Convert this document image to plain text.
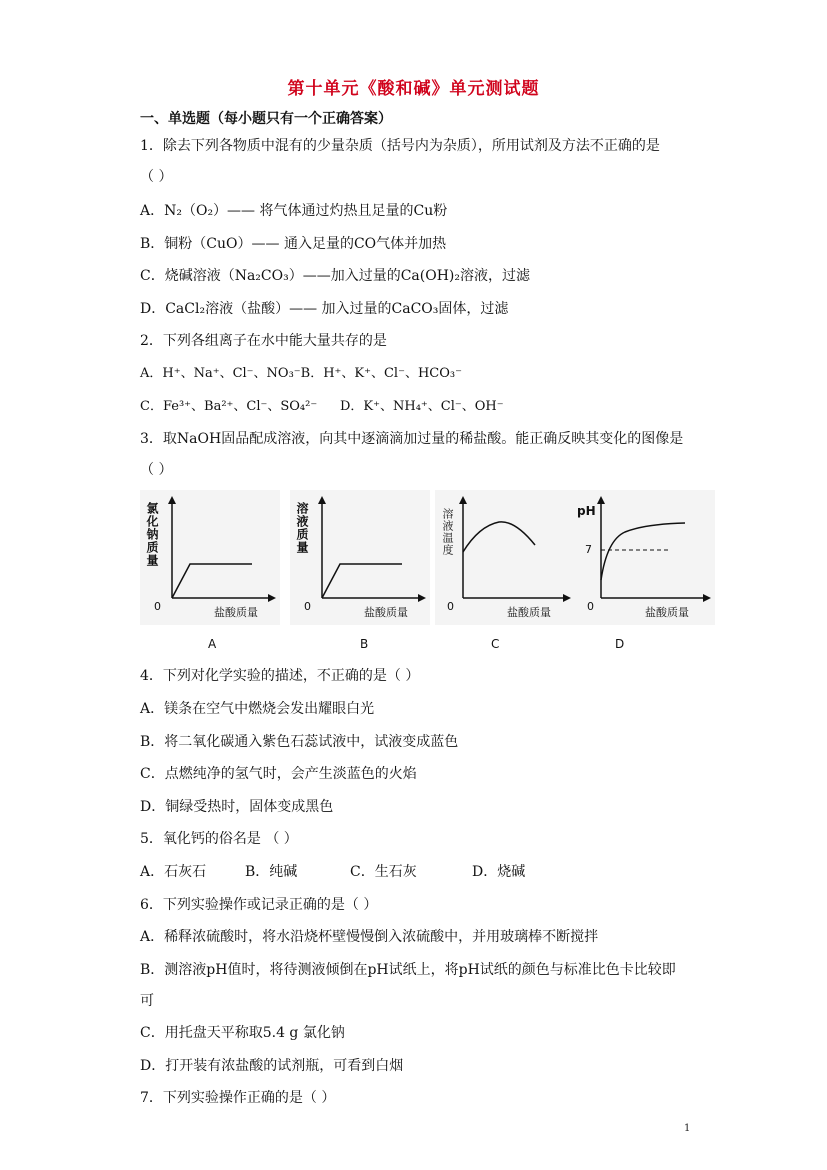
第十单元《酸和碱》单元测试题
一、单选题（每小题只有一个正确答案）
1．除去下列各物质中混有的少量杂质（括号内为杂质），所用试剂及方法不正确的是
（ ）
A．N₂（O₂）—— 将气体通过灼热且足量的Cu粉
B．铜粉（CuO）—— 通入足量的CO气体并加热
C．烧碱溶液（Na₂CO₃）——加入过量的Ca(OH)₂溶液，过滤
D．CaCl₂溶液（盐酸）—— 加入过量的CaCO₃固体，过滤
2．下列各组离子在水中能大量共存的是
A．H⁺、Na⁺、Cl⁻、NO₃⁻B．H⁺、K⁺、Cl⁻、HCO₃⁻
C．Fe³⁺、Ba²⁺、Cl⁻、SO₄²⁻ D．K⁺、NH₄⁺、Cl⁻、OH⁻
3．取NaOH固品配成溶液，向其中逐滴滴加过量的稀盐酸。能正确反映其变化的图像是
（ ）
氯化钠质量
0	盐酸质量
溶液质量
0	盐酸质量
溶液温度
0	盐酸质量
pH
7
0	盐酸质量
A	B	C	D
4．下列对化学实验的描述，不正确的是（ ）
A．镁条在空气中燃烧会发出耀眼白光
B．将二氧化碳通入紫色石蕊试液中，试液变成蓝色
C．点燃纯净的氢气时，会产生淡蓝色的火焰
D．铜绿受热时，固体变成黑色
5．氧化钙的俗名是 （ ）
A．石灰石	B．纯碱	C．生石灰	D．烧碱
6．下列实验操作或记录正确的是（ ）
A．稀释浓硫酸时，将水沿烧杯壁慢慢倒入浓硫酸中，并用玻璃棒不断搅拌
B．测溶液pH值时，将待测液倾倒在pH试纸上，将pH试纸的颜色与标准比色卡比较即
可
C．用托盘天平称取5.4 g 氯化钠
D．打开装有浓盐酸的试剂瓶，可看到白烟
7．下列实验操作正确的是（ ）
1
